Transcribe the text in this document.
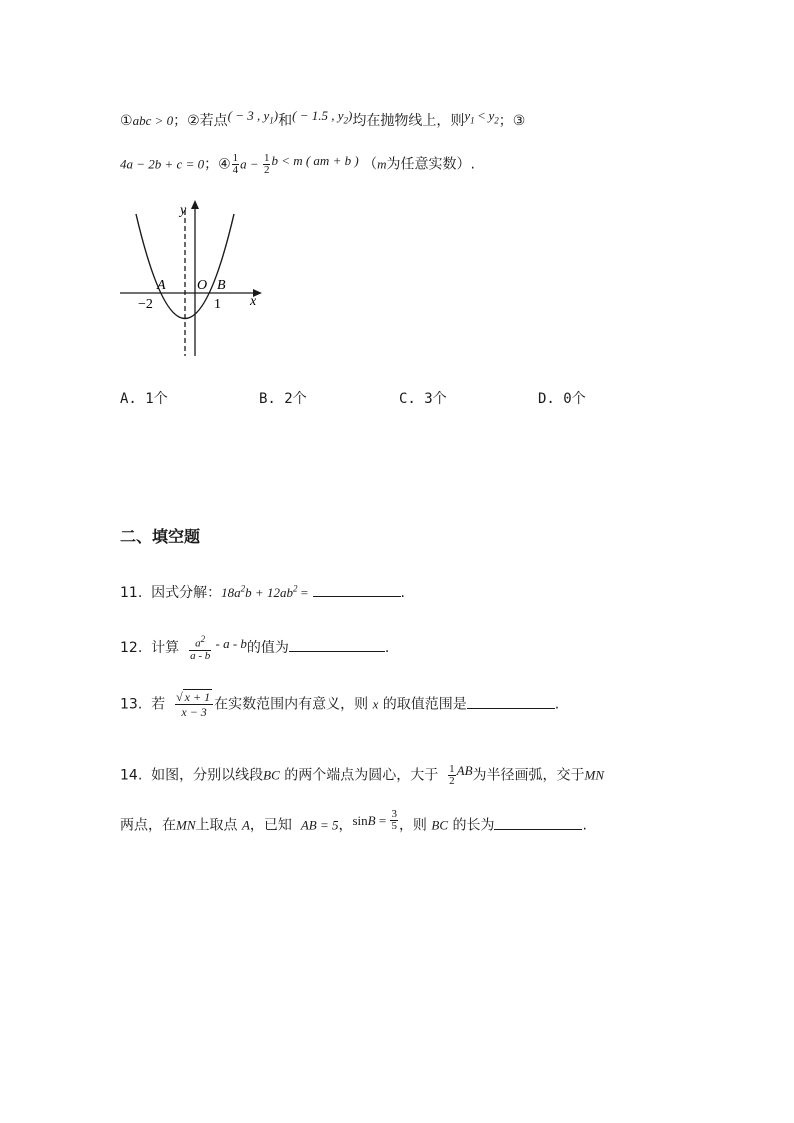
①abc > 0；②若点( − 3 , $y_1$)和( − 1.5 , $y_2$)均在抛物线上，则$y_1 < y_2$；③
4a − 2b + c = 0；④ $\frac{1}{4}$ $a - \frac{1}{2}$ b < m ( am + b ) （m为任意实数）.
y
x
A O B
−2	1
A. 1个	B. 2个	C. 3个	D. 0个
二、填空题
11. 因式分解：$18a^2b + 12ab^2$ =	.
12. 计算 $\frac{a^2}{a - b}$ - a - b的值为	.
13. 若 $\frac{√ x + 1}{x - 3}$ 在实数范围内有意义，则 x 的取值范围是	.
14. 如图，分别以线段BC 的两个端点为圆心，大于 $\frac{1}{2}$ AB为半径画弧，交于MN
两点，在MN上取点 A，已知 AB = 5，$\sin B = \frac{3}{5}$ ，则 BC 的长为	.
